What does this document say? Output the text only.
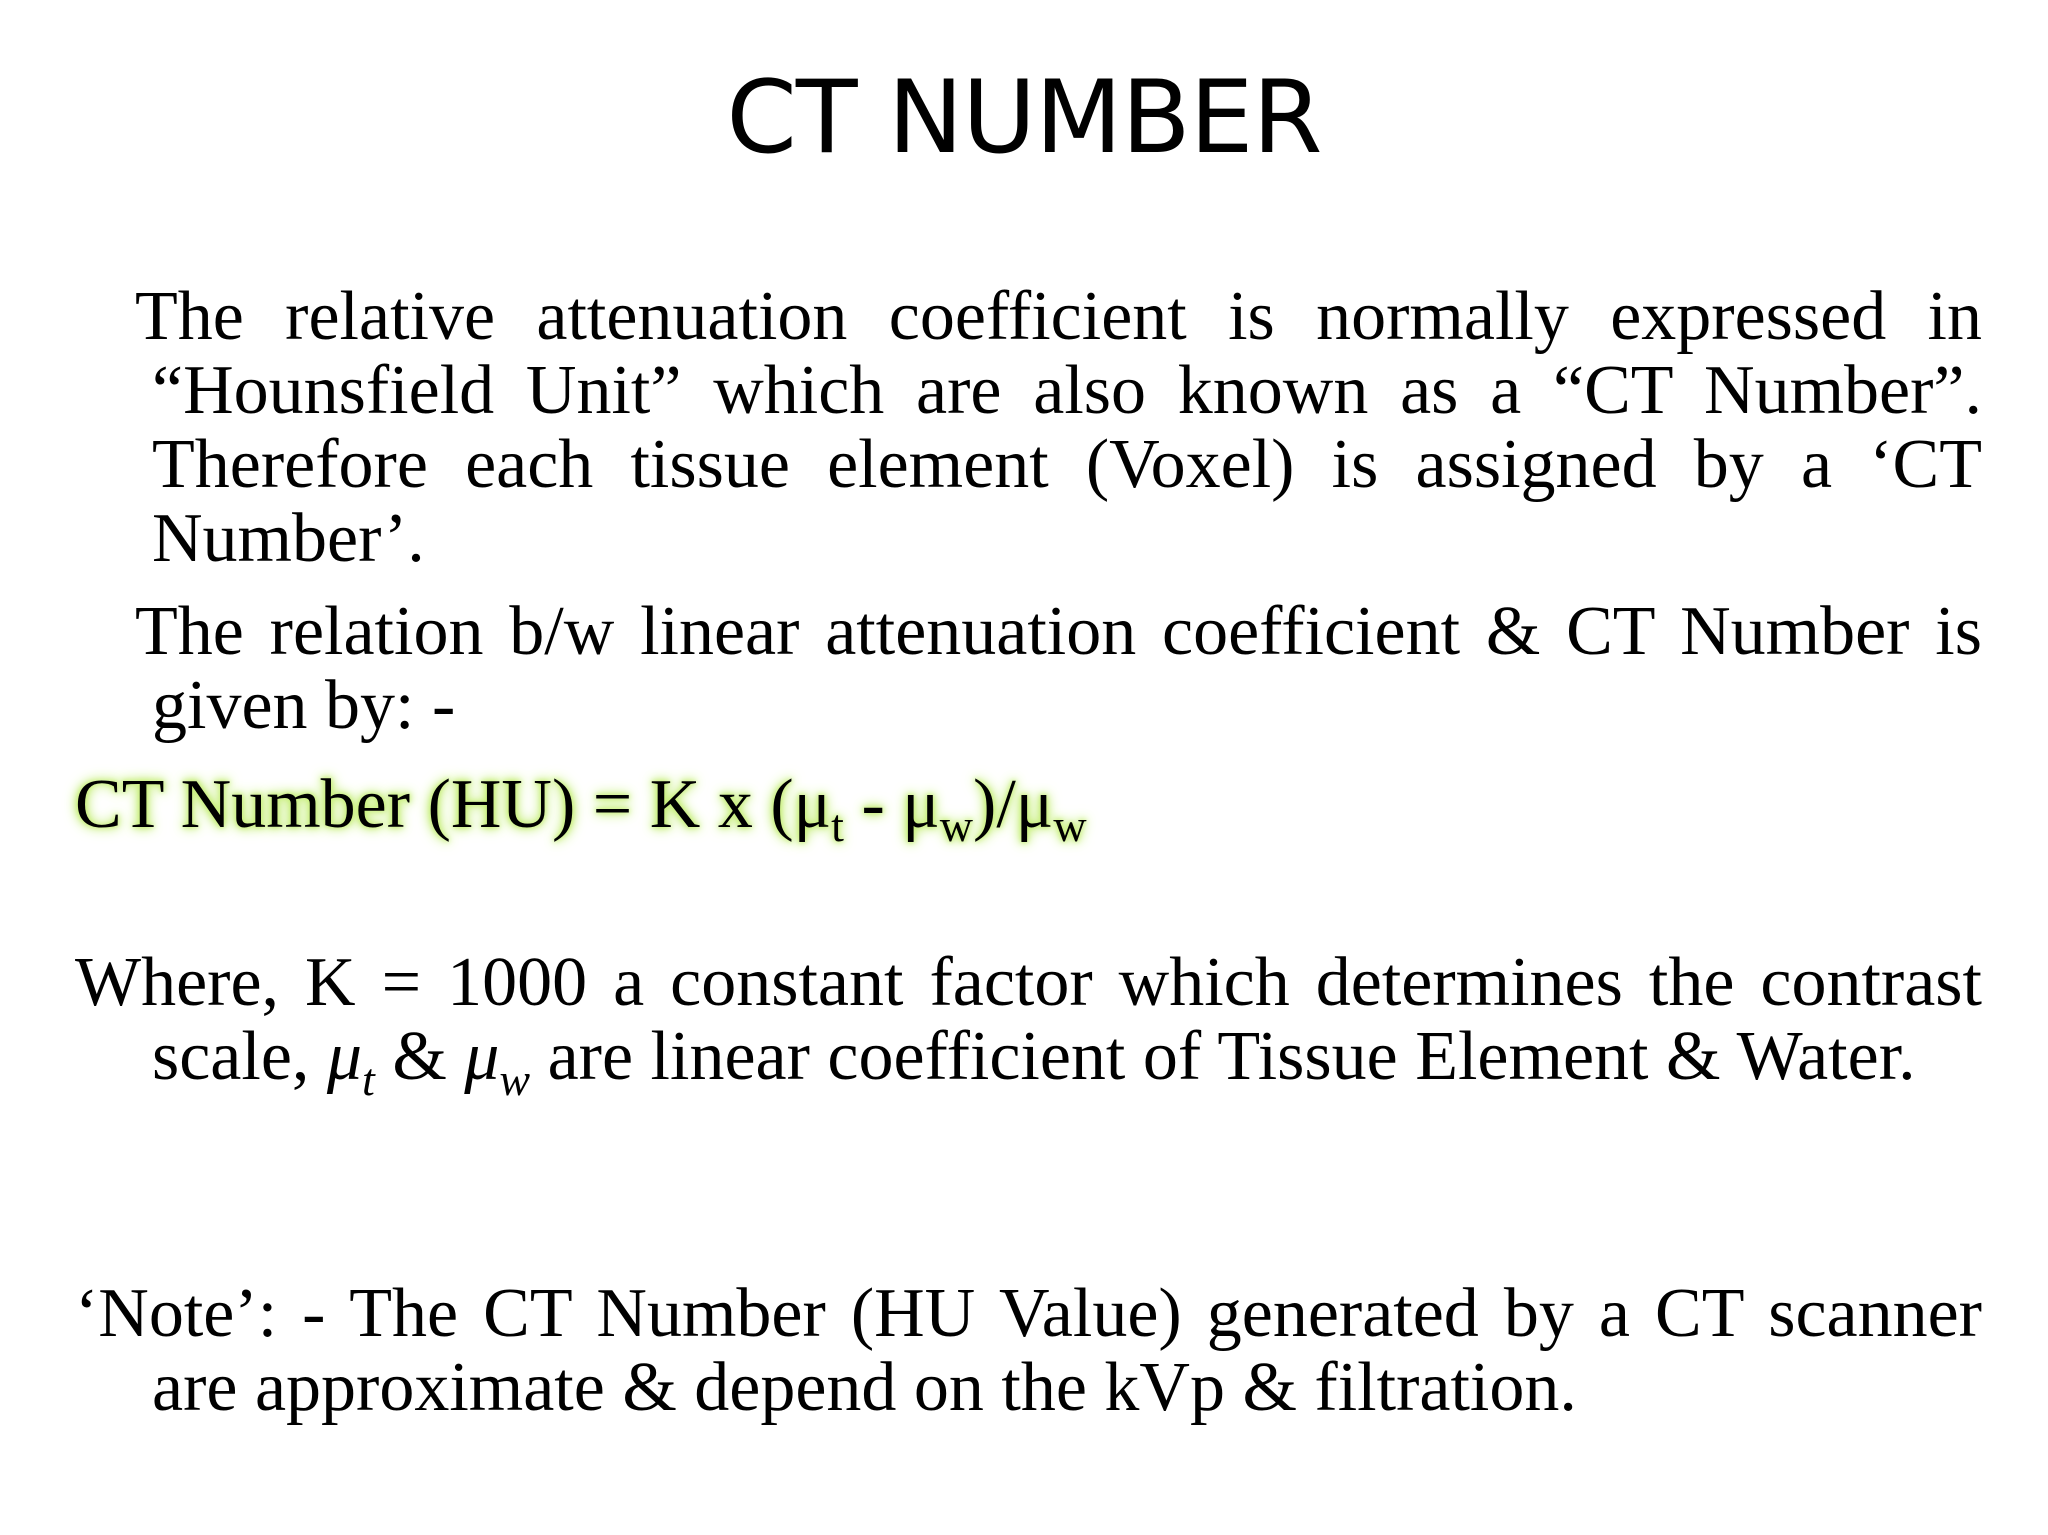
CT NUMBER
The relative attenuation coefficient is normally expressed in “Hounsfield Unit” which are also known as a “CT Number”. Therefore each tissue element (Voxel) is assigned by a ‘CT Number’.
The relation b/w linear attenuation coefficient & CT Number is given by: -
CT Number (HU) = K x $(\mu_t - \mu_w)/\mu_w$
Where, K = 1000 a constant factor which determines the contrast scale, $\mu_t$ & $\mu_w$ are linear coefficient of Tissue Element & Water.
‘Note’: - The CT Number (HU Value) generated by a CT scanner are approximate & depend on the kVp & filtration.
